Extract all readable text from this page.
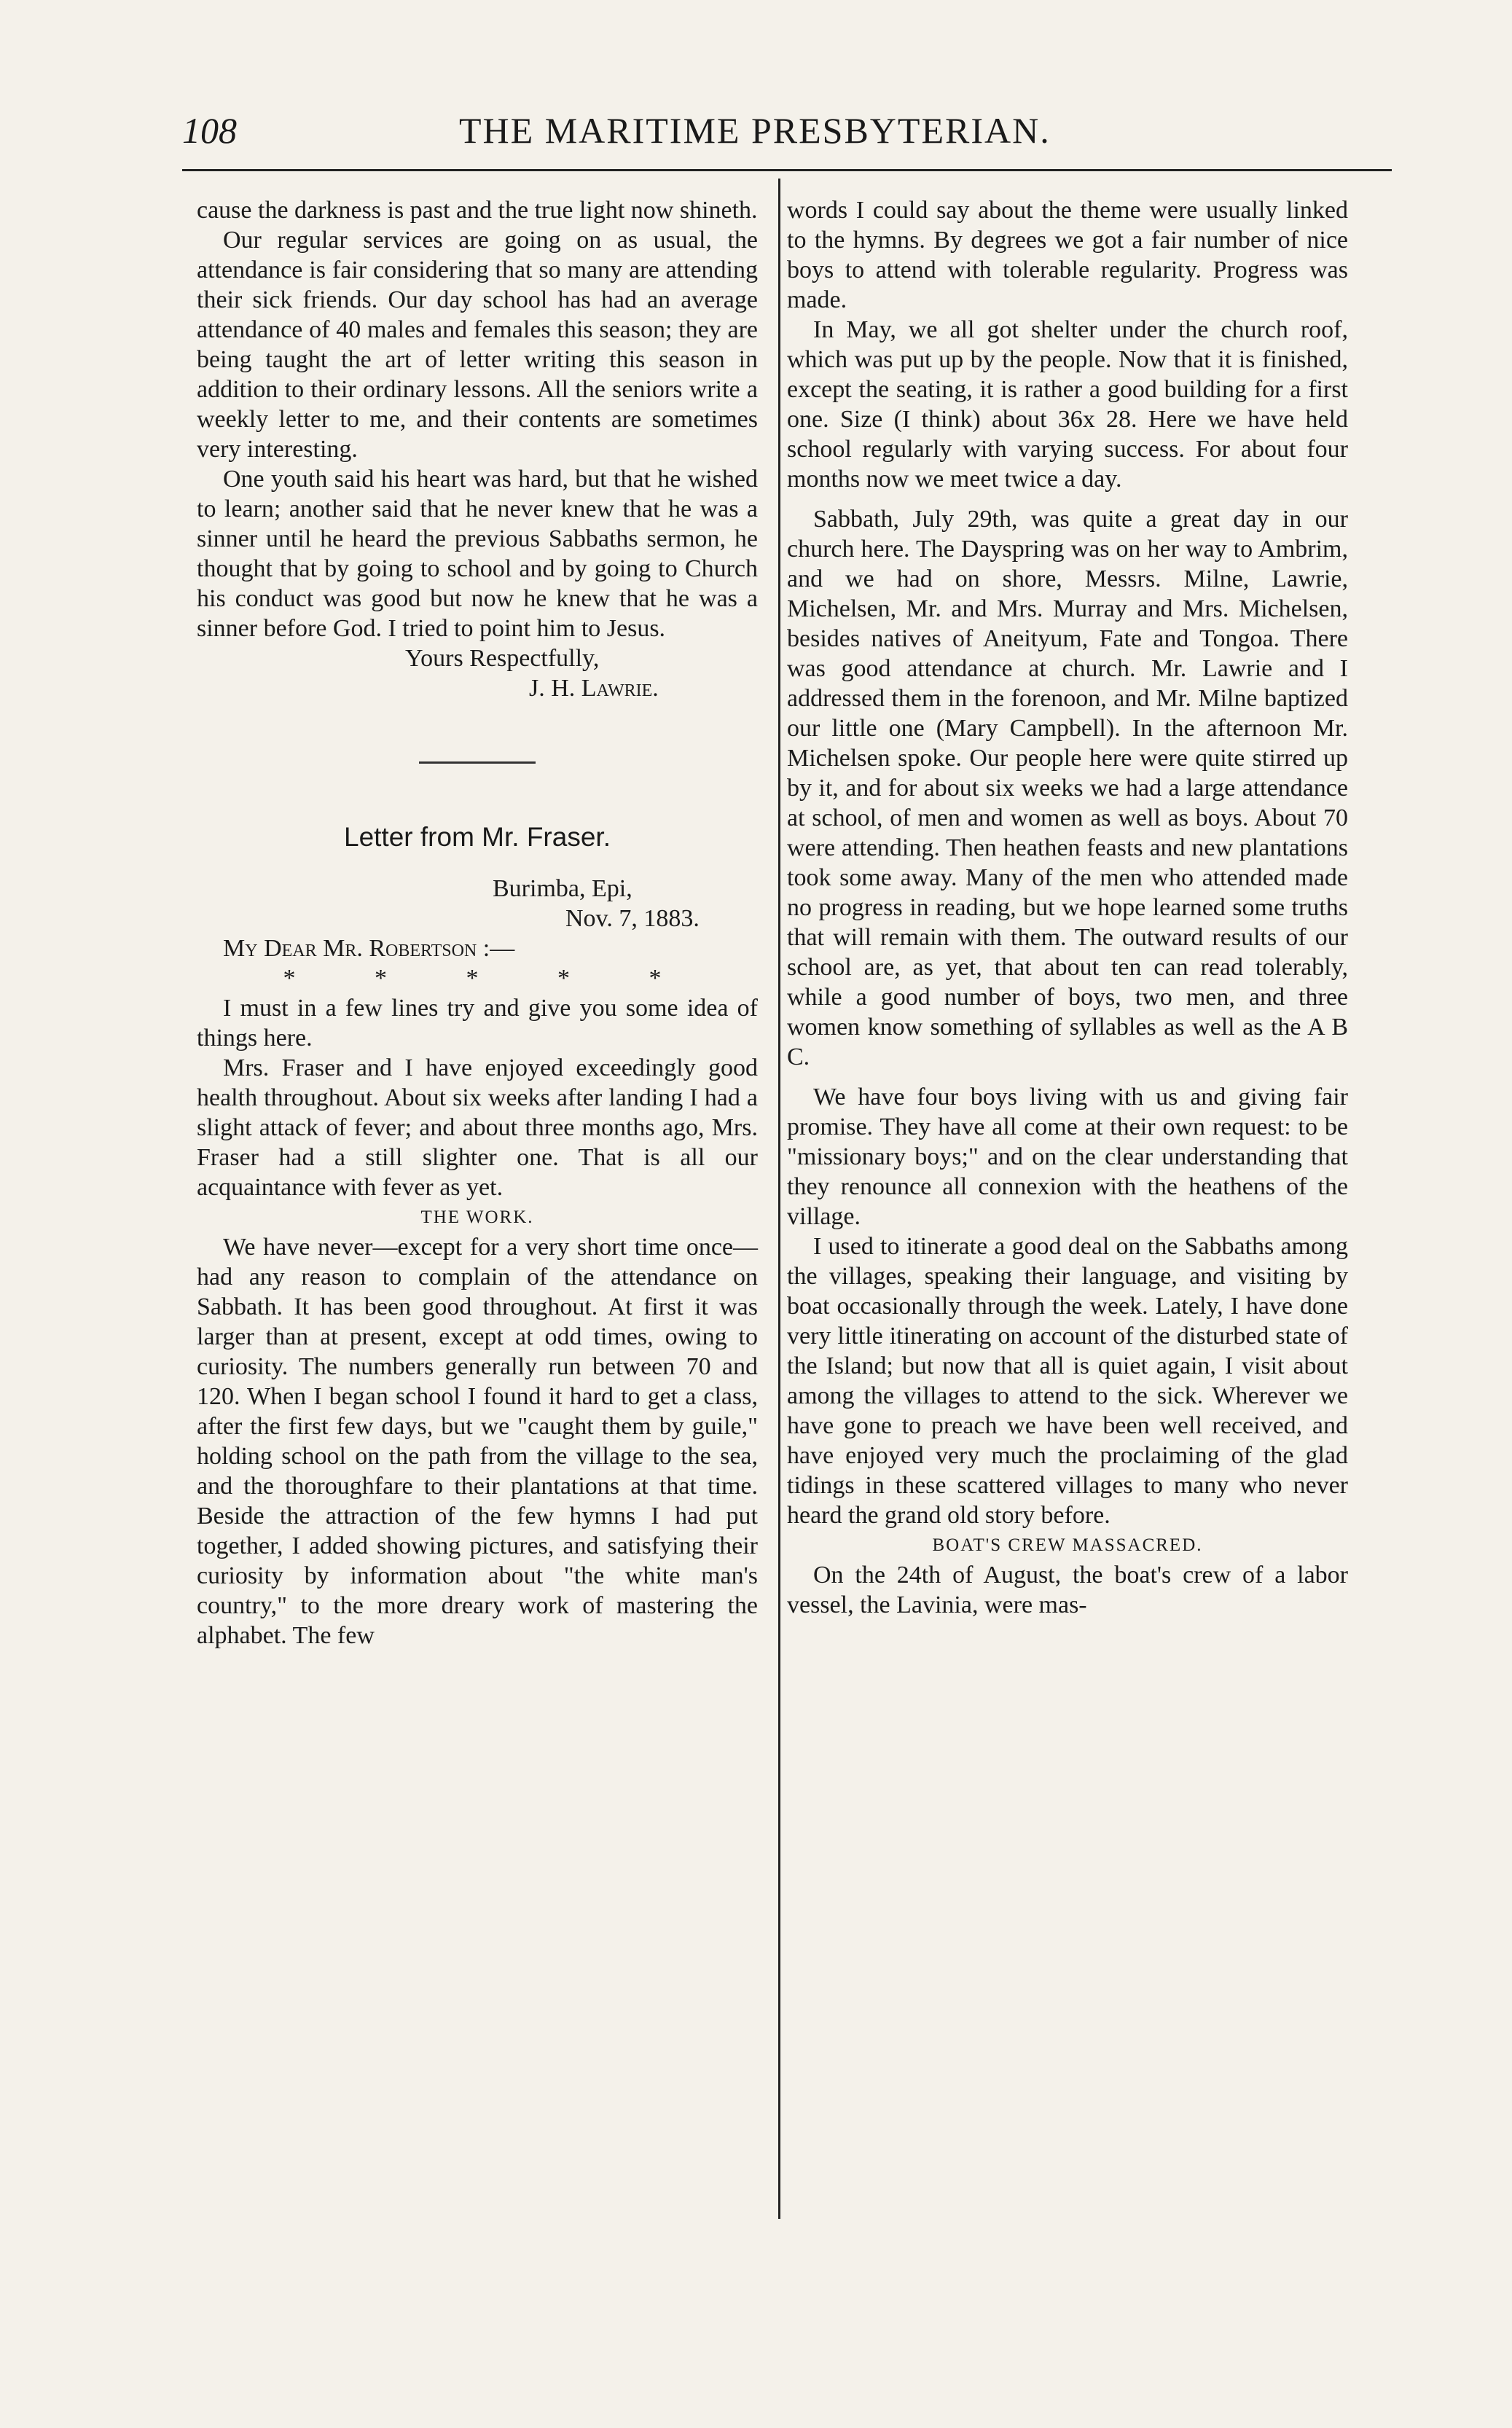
108	THE MARITIME PRESBYTERIAN.

cause the darkness is past and the true light now shineth.

Our regular services are going on as usual, the attendance is fair considering that so many are attending their sick friends. Our day school has had an average attendance of 40 males and females this season; they are being taught the art of letter writing this season in addition to their ordinary lessons. All the seniors write a weekly letter to me, and their contents are sometimes very interesting.

One youth said his heart was hard, but that he wished to learn; another said that he never knew that he was a sinner until he heard the previous Sabbaths sermon, he thought that by going to school and by going to Church his conduct was good but now he knew that he was a sinner before God. I tried to point him to Jesus.

Yours Respectfully,

J. H. Lawrie.

Letter from Mr. Fraser.

Burimba, Epi,

Nov. 7, 1883.

My Dear Mr. Robertson :—

* * * * *

I must in a few lines try and give you some idea of things here.

Mrs. Fraser and I have enjoyed exceedingly good health throughout. About six weeks after landing I had a slight attack of fever; and about three months ago, Mrs. Fraser had a still slighter one. That is all our acquaintance with fever as yet.

THE WORK.

We have never—except for a very short time once—had any reason to complain of the attendance on Sabbath. It has been good throughout. At first it was larger than at present, except at odd times, owing to curiosity. The numbers generally run between 70 and 120. When I began school I found it hard to get a class, after the first few days, but we "caught them by guile," holding school on the path from the village to the sea, and the thoroughfare to their plantations at that time. Beside the attraction of the few hymns I had put together, I added showing pictures, and satisfying their curiosity by information about "the white man's country," to the more dreary work of mastering the alphabet. The few

words I could say about the theme were usually linked to the hymns. By degrees we got a fair number of nice boys to attend with tolerable regularity. Progress was made.

In May, we all got shelter under the church roof, which was put up by the people. Now that it is finished, except the seating, it is rather a good building for a first one. Size (I think) about 36x 28. Here we have held school regularly with varying success. For about four months now we meet twice a day.

Sabbath, July 29th, was quite a great day in our church here. The Dayspring was on her way to Ambrim, and we had on shore, Messrs. Milne, Lawrie, Michelsen, Mr. and Mrs. Murray and Mrs. Michelsen, besides natives of Aneityum, Fate and Tongoa. There was good attendance at church. Mr. Lawrie and I addressed them in the forenoon, and Mr. Milne baptized our little one (Mary Campbell). In the afternoon Mr. Michelsen spoke. Our people here were quite stirred up by it, and for about six weeks we had a large attendance at school, of men and women as well as boys. About 70 were attending. Then heathen feasts and new plantations took some away. Many of the men who attended made no progress in reading, but we hope learned some truths that will remain with them. The outward results of our school are, as yet, that about ten can read tolerably, while a good number of boys, two men, and three women know something of syllables as well as the A B C.

We have four boys living with us and giving fair promise. They have all come at their own request: to be "missionary boys;" and on the clear understanding that they renounce all connexion with the heathens of the village.

I used to itinerate a good deal on the Sabbaths among the villages, speaking their language, and visiting by boat occasionally through the week. Lately, I have done very little itinerating on account of the disturbed state of the Island; but now that all is quiet again, I visit about among the villages to attend to the sick. Wherever we have gone to preach we have been well received, and have enjoyed very much the proclaiming of the glad tidings in these scattered villages to many who never heard the grand old story before.

BOAT'S CREW MASSACRED.

On the 24th of August, the boat's crew of a labor vessel, the Lavinia, were mas-
